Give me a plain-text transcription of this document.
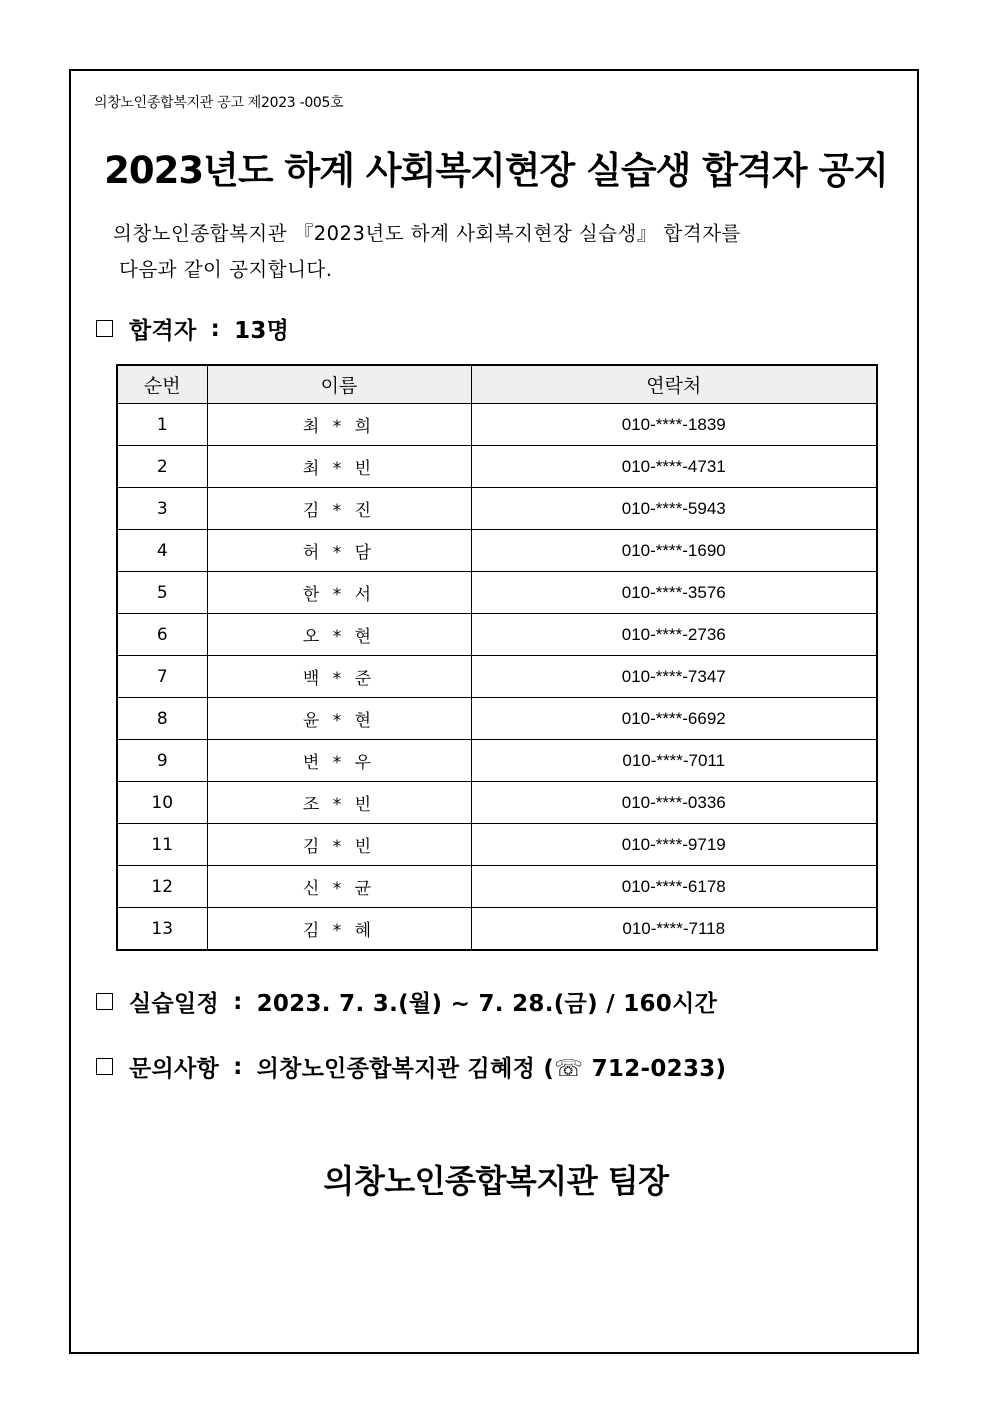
의창노인종합복지관 공고 제2023 -005호
2023년도 하계 사회복지현장 실습생 합격자 공지
의창노인종합복지관 『2023년도 하계 사회복지현장 실습생』 합격자를
다음과 같이 공지합니다.
합격자 : 13명
순번	이름	연락처
1	최 * 희	010-****-1839
2	최 * 빈	010-****-4731
3	김 * 진	010-****-5943
4	허 * 담	010-****-1690
5	한 * 서	010-****-3576
6	오 * 현	010-****-2736
7	백 * 준	010-****-7347
8	윤 * 현	010-****-6692
9	변 * 우	010-****-7011
10	조 * 빈	010-****-0336
11	김 * 빈	010-****-9719
12	신 * 균	010-****-6178
13	김 * 혜	010-****-7118
실습일정 : 2023. 7. 3.(월) ~ 7. 28.(금) / 160시간
문의사항 : 의창노인종합복지관 김혜정 (☏ 712-0233)
의창노인종합복지관 팀장
